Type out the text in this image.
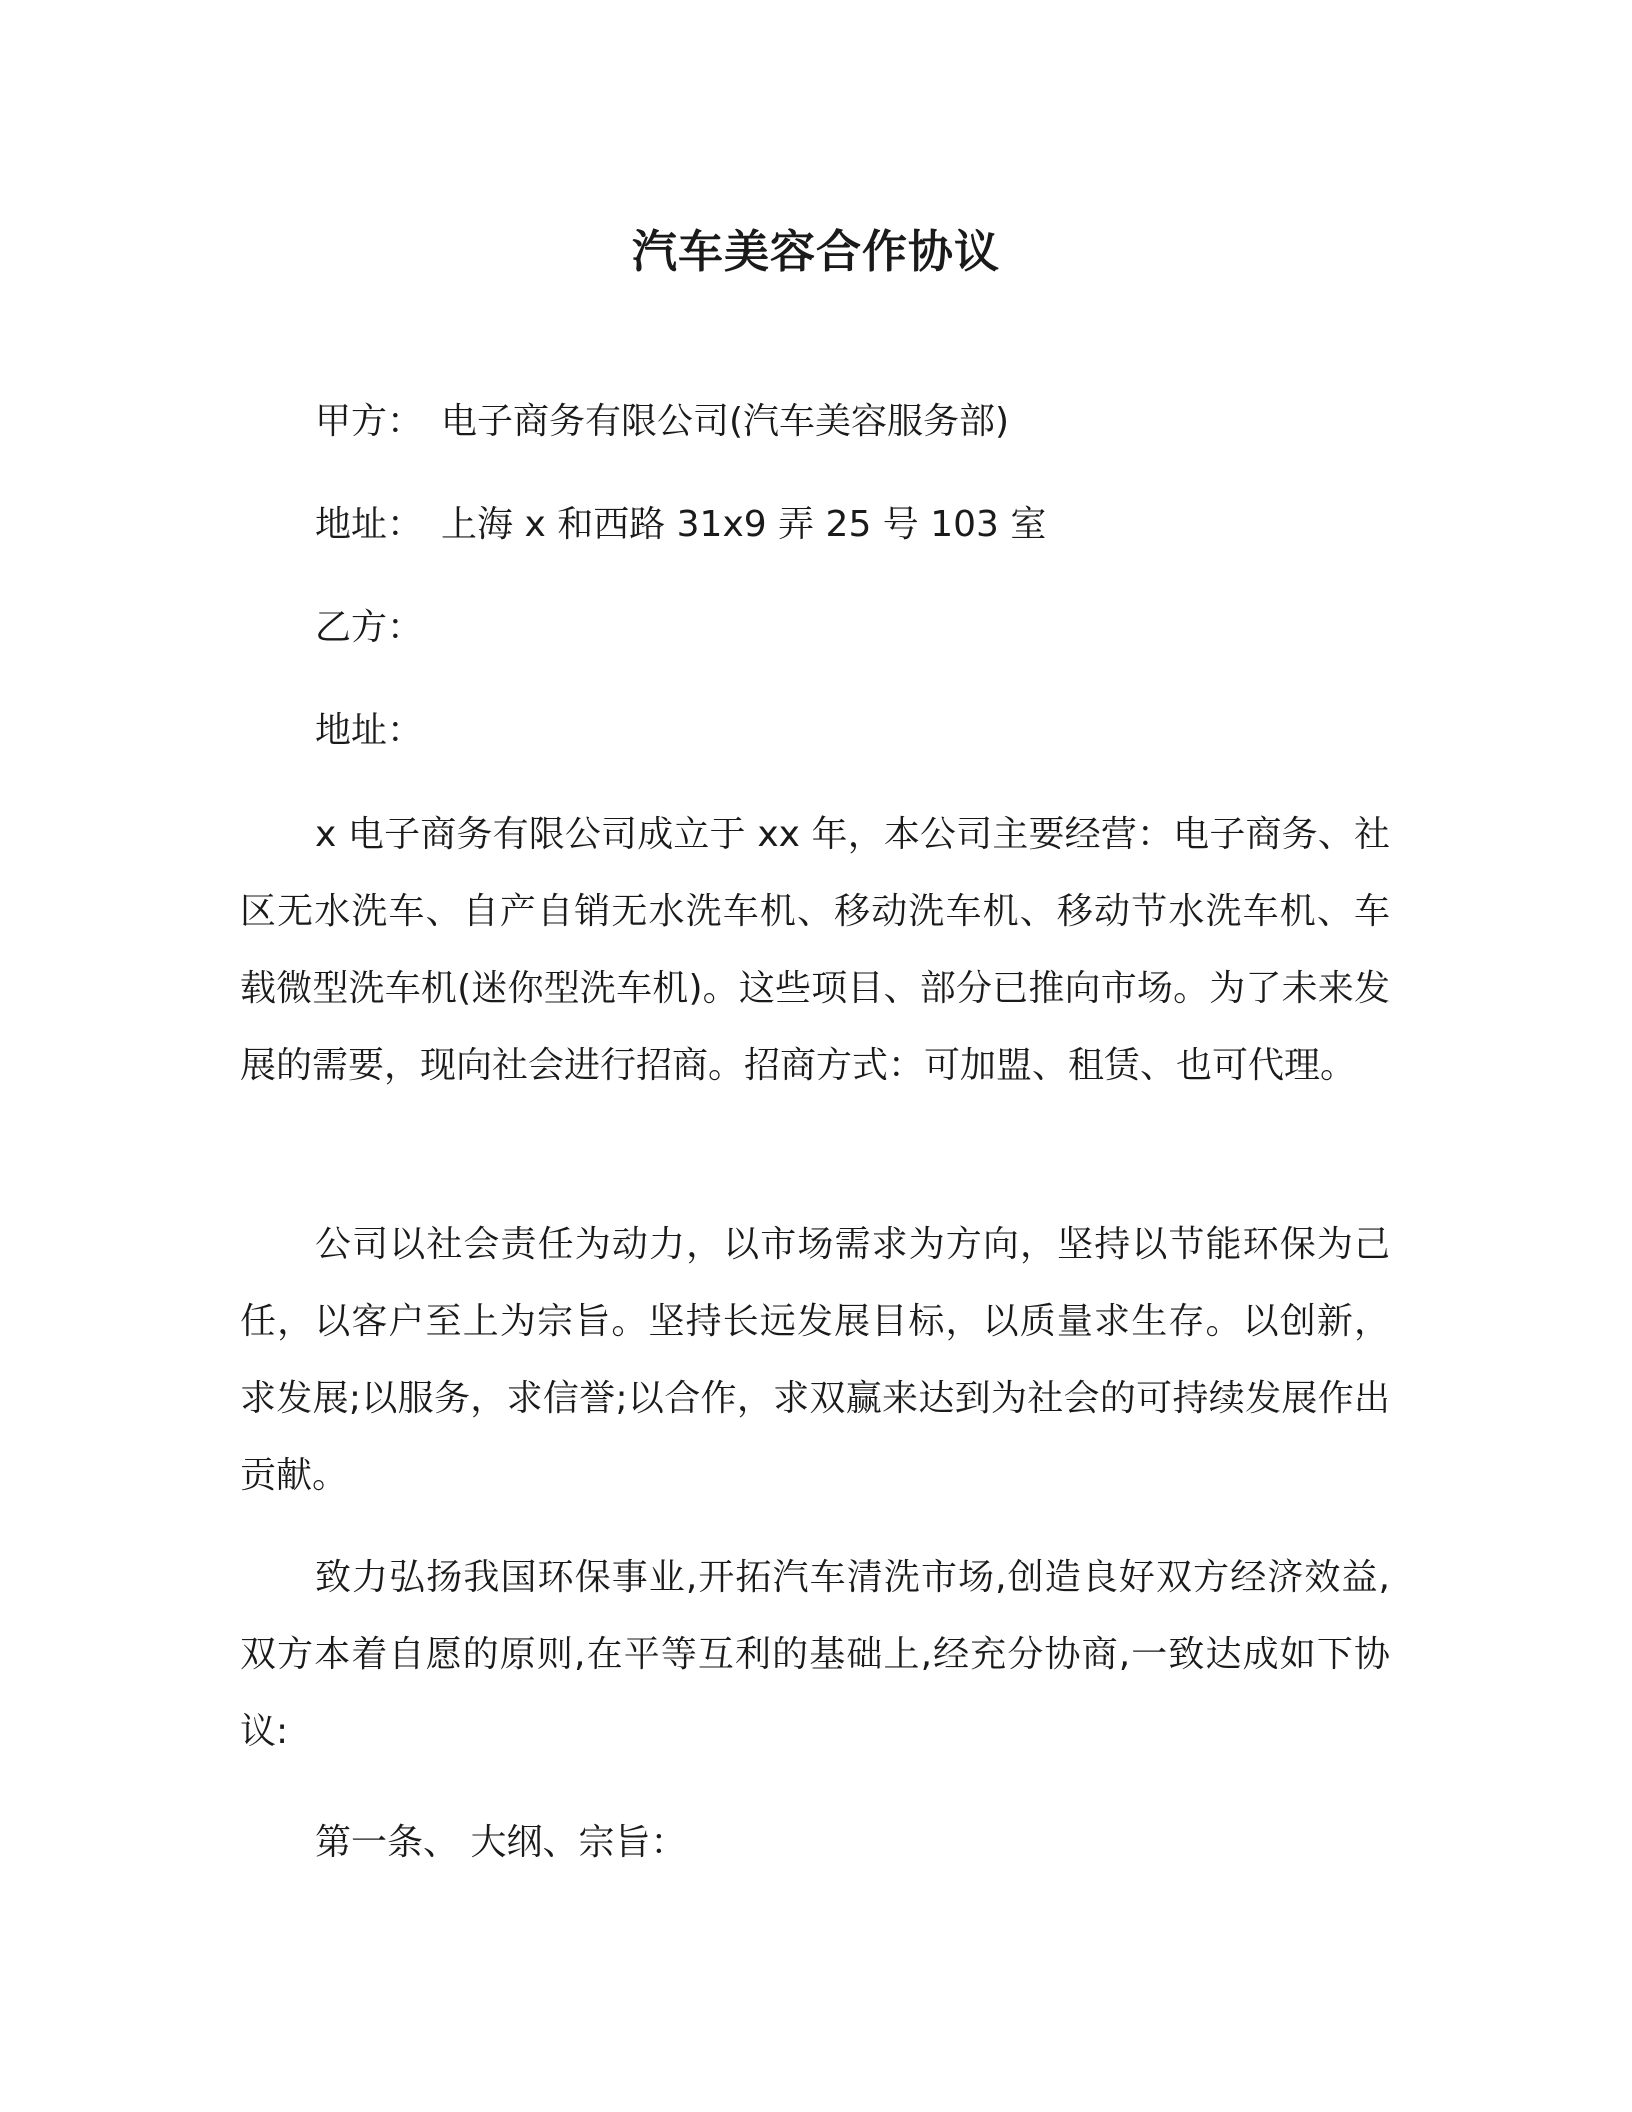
汽车美容合作协议

甲方： 电子商务有限公司(汽车美容服务部)

地址： 上海 x 和西路 31x9 弄 25 号 103 室

乙方：

地址：

x 电子商务有限公司成立于 xx 年，本公司主要经营：电子商务、社区无水洗车、自产自销无水洗车机、移动洗车机、移动节水洗车机、车载微型洗车机(迷你型洗车机)。这些项目、部分已推向市场。为了未来发展的需要，现向社会进行招商。招商方式：可加盟、租赁、也可代理。

公司以社会责任为动力，以市场需求为方向，坚持以节能环保为己任，以客户至上为宗旨。坚持长远发展目标，以质量求生存。以创新，求发展;以服务，求信誉;以合作，求双赢来达到为社会的可持续发展作出贡献。

致力弘扬我国环保事业,开拓汽车清洗市场,创造良好双方经济效益,双方本着自愿的原则,在平等互利的基础上,经充分协商,一致达成如下协议:

第一条、 大纲、宗旨：
